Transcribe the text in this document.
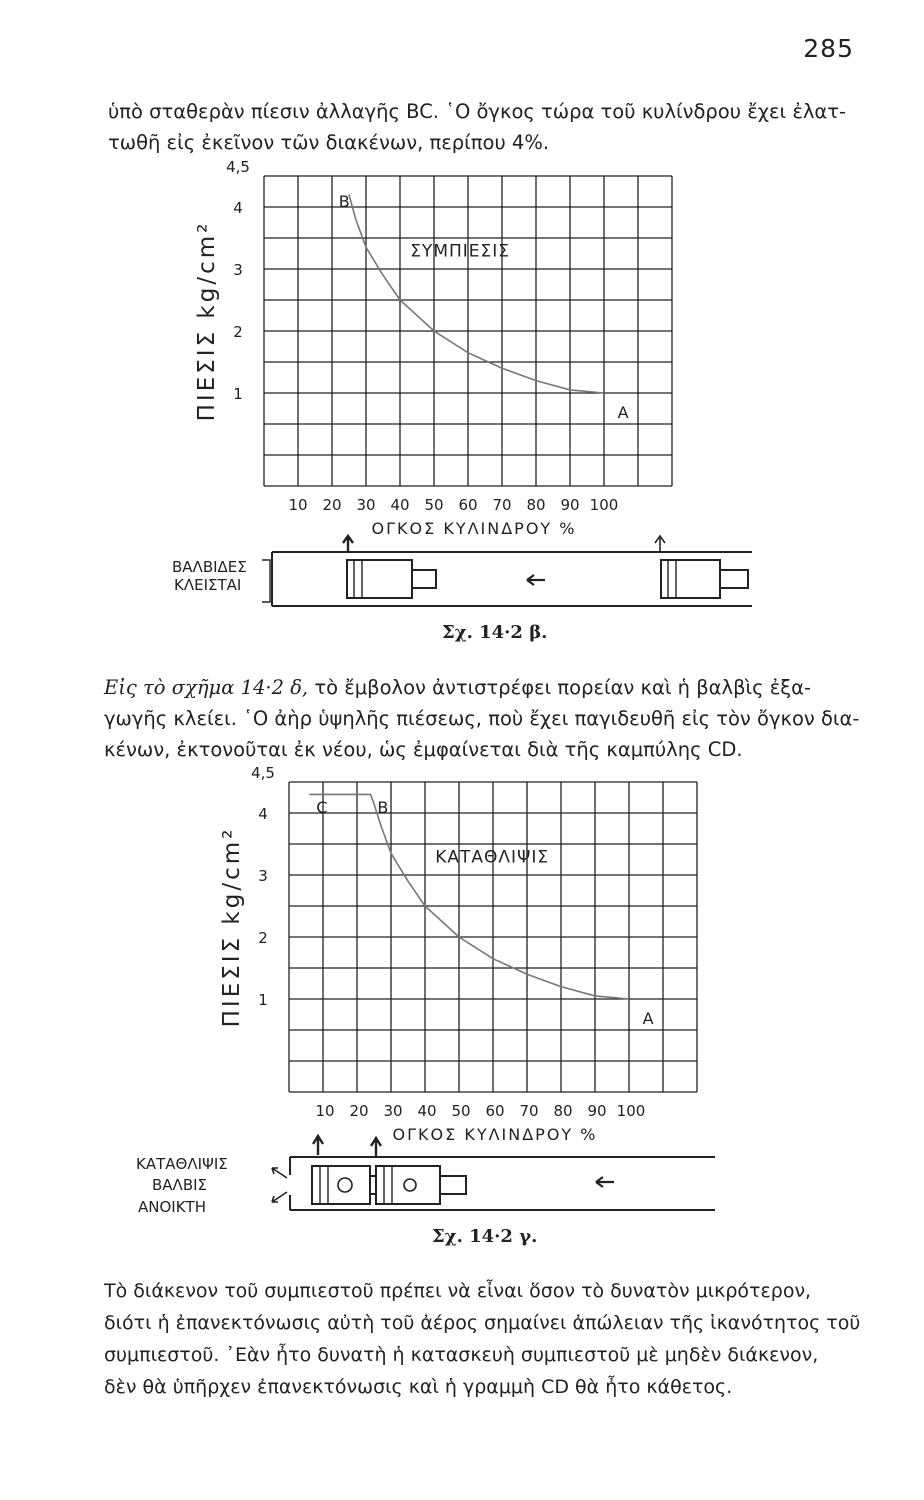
285
ὑπὸ σταθερὰν πίεσιν ἀλλαγῆς BC. ῾Ο ὄγκος τώρα τοῦ κυλίνδρου ἔχει ἐλατ-
τωθῆ εἰς ἐκεῖνον τῶν διακένων, περίπου 4%.
10 20 30 40 50 60 70 80 90 100
1
2
3
4
4,5
ΟΓΚΟΣ ΚΥΛΙΝΔΡΟΥ %
ΠΙΕΣΙΣ kg/cm²
B
A
ΣΥΜΠΙΕΣΙΣ
10 20 30 40 50 60 70 80 90 100
1
2
3
4
4,5
ΟΓΚΟΣ ΚΥΛΙΝΔΡΟΥ %
ΠΙΕΣΙΣ kg/cm²
C	B
A
ΚΑΤΑΘΛΙΨΙΣ
ΒΑΛΒΙΔΕΣ
ΚΛΕΙΣΤΑΙ
ΚΑΤΑΘΛΙΨΙΣ
ΒΑΛΒΙΣ
ΑΝΟΙΚΤΗ
Σχ. 14·2 β.
Εἰς τὸ σχῆμα 14·2 δ, τὸ ἔμβολον ἀντιστρέφει πορείαν καὶ ἡ βαλβὶς ἐξα-
γωγῆς κλείει. ῾Ο ἀὴρ ὑψηλῆς πιέσεως, ποὺ ἔχει παγιδευθῆ εἰς τὸν ὄγκον δια-
κένων, ἐκτονοῦται ἐκ νέου, ὡς ἐμφαίνεται διὰ τῆς καμπύλης CD.
Σχ. 14·2 γ.
Τὸ διάκενον τοῦ συμπιεστοῦ πρέπει νὰ εἶναι ὅσον τὸ δυνατὸν μικρότερον,
διότι ἡ ἐπανεκτόνωσις αὐτὴ τοῦ ἀέρος σημαίνει ἀπώλειαν τῆς ἱκανότητος τοῦ
συμπιεστοῦ. ᾿Εὰν ἦτο δυνατὴ ἡ κατασκευὴ συμπιεστοῦ μὲ μηδὲν διάκενον,
δὲν θὰ ὑπῆρχεν ἐπανεκτόνωσις καὶ ἡ γραμμὴ CD θὰ ἦτο κάθετος.
